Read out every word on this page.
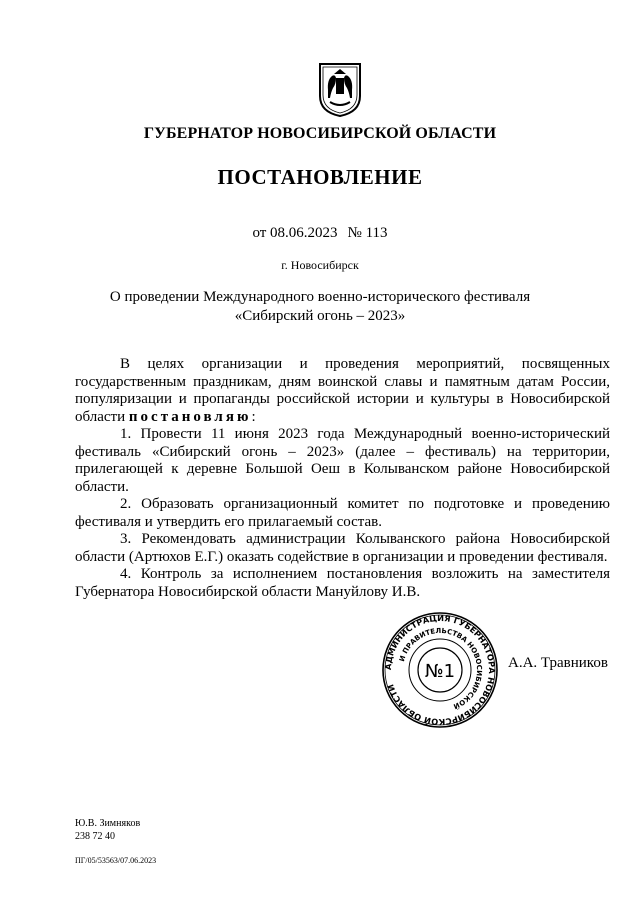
ГУБЕРНАТОР НОВОСИБИРСКОЙ ОБЛАСТИ
ПОСТАНОВЛЕНИЕ
от 08.06.2023 № 113
г. Новосибирск
О проведении Международного военно-исторического фестиваля
«Сибирский огонь – 2023»

В целях организации и проведения мероприятий, посвященных государственным праздникам, дням воинской славы и памятным датам России, популяризации и пропаганды российской истории и культуры в Новосибирской области постановляю:

1. Провести 11 июня 2023 года Международный военно-исторический фестиваль «Сибирский огонь – 2023» (далее – фестиваль) на территории, прилегающей к деревне Большой Оеш в Колыванском районе Новосибирской области.

2. Образовать организационный комитет по подготовке и проведению фестиваля и утвердить его прилагаемый состав.

3. Рекомендовать администрации Колыванского района Новосибирской области (Артюхов Е.Г.) оказать содействие в организации и проведении фестиваля.

4. Контроль за исполнением постановления возложить на заместителя Губернатора Новосибирской области Мануйлову И.В.

АДМИНИСТРАЦИЯ ГУБЕРНАТОРА НОВОСИБИРСКОЙ ОБЛАСТИ
И ПРАВИТЕЛЬСТВА НОВОСИБИРСКОЙ
№1	А.А. Травников
Ю.В. Зимняков
238 72 40
ПГ/05/53563/07.06.2023
